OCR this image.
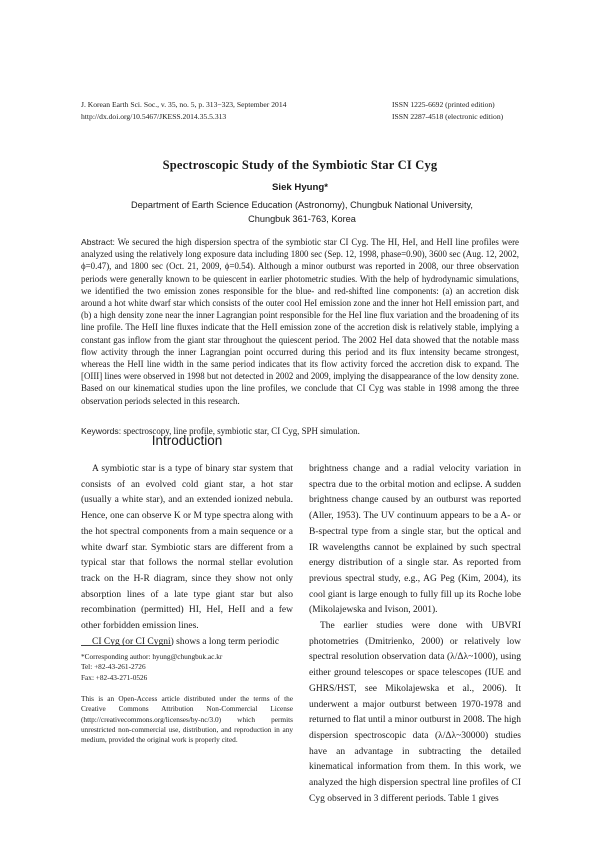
J. Korean Earth Sci. Soc., v. 35, no. 5, p. 313−323, September 2014
http://dx.doi.org/10.5467/JKESS.2014.35.5.313
ISSN 1225-6692 (printed edition)
ISSN 2287-4518 (electronic edition)
Spectroscopic Study of the Symbiotic Star CI Cyg
Siek Hyung*
Department of Earth Science Education (Astronomy), Chungbuk National University,
Chungbuk 361-763, Korea
Abstract: We secured the high dispersion spectra of the symbiotic star CI Cyg. The HI, HeI, and HeII line profiles were analyzed using the relatively long exposure data including 1800 sec (Sep. 12, 1998, phase=0.90), 3600 sec (Aug. 12, 2002, ϕ=0.47), and 1800 sec (Oct. 21, 2009, ϕ=0.54). Although a minor outburst was reported in 2008, our three observation periods were generally known to be quiescent in earlier photometric studies. With the help of hydrodynamic simulations, we identified the two emission zones responsible for the blue- and red-shifted line components: (a) an accretion disk around a hot white dwarf star which consists of the outer cool HeI emission zone and the inner hot HeII emission part, and (b) a high density zone near the inner Lagrangian point responsible for the HeI line flux variation and the broadening of its line profile. The HeII line fluxes indicate that the HeII emission zone of the accretion disk is relatively stable, implying a constant gas inflow from the giant star throughout the quiescent period. The 2002 HeI data showed that the notable mass flow activity through the inner Lagrangian point occurred during this period and its flux intensity became strongest, whereas the HeII line width in the same period indicates that its flow activity forced the accretion disk to expand. The [OIII] lines were observed in 1998 but not detected in 2002 and 2009, implying the disappearance of the low density zone. Based on our kinematical studies upon the line profiles, we conclude that CI Cyg was stable in 1998 among the three observation periods selected in this research.
Keywords: spectroscopy, line profile, symbiotic star, CI Cyg, SPH simulation.
Introduction

A symbiotic star is a type of binary star system that consists of an evolved cold giant star, a hot star (usually a white star), and an extended ionized nebula. Hence, one can observe K or M type spectra along with the hot spectral components from a main sequence or a white dwarf star. Symbiotic stars are different from a typical star that follows the normal stellar evolution track on the H-R diagram, since they show not only absorption lines of a late type giant star but also recombination (permitted) HI, HeI, HeII and a few other forbidden emission lines.

CI Cyg (or CI Cygni) shows a long term periodic

*Corresponding author: hyung@chungbuk.ac.kr
Tel: +82-43-261-2726
Fax: +82-43-271-0526
This is an Open-Access article distributed under the terms of the Creative Commons Attribution Non-Commercial License (http://creativecommons.org/licenses/by-nc/3.0) which permits unrestricted non-commercial use, distribution, and reproduction in any medium, provided the original work is properly cited.

brightness change and a radial velocity variation in spectra due to the orbital motion and eclipse. A sudden brightness change caused by an outburst was reported (Aller, 1953). The UV continuum appears to be a A- or B-spectral type from a single star, but the optical and IR wavelengths cannot be explained by such spectral energy distribution of a single star. As reported from previous spectral study, e.g., AG Peg (Kim, 2004), its cool giant is large enough to fully fill up its Roche lobe (Mikolajewska and Ivison, 2001).

The earlier studies were done with UBVRI photometries (Dmitrienko, 2000) or relatively low spectral resolution observation data (λ/Δλ~1000), using either ground telescopes or space telescopes (IUE and GHRS/HST, see Mikolajewska et al., 2006). It underwent a major outburst between 1970-1978 and returned to flat until a minor outburst in 2008. The high dispersion spectroscopic data (λ/Δλ~30000) studies have an advantage in subtracting the detailed kinematical information from them. In this work, we analyzed the high dispersion spectral line profiles of CI Cyg observed in 3 different periods. Table 1 gives
